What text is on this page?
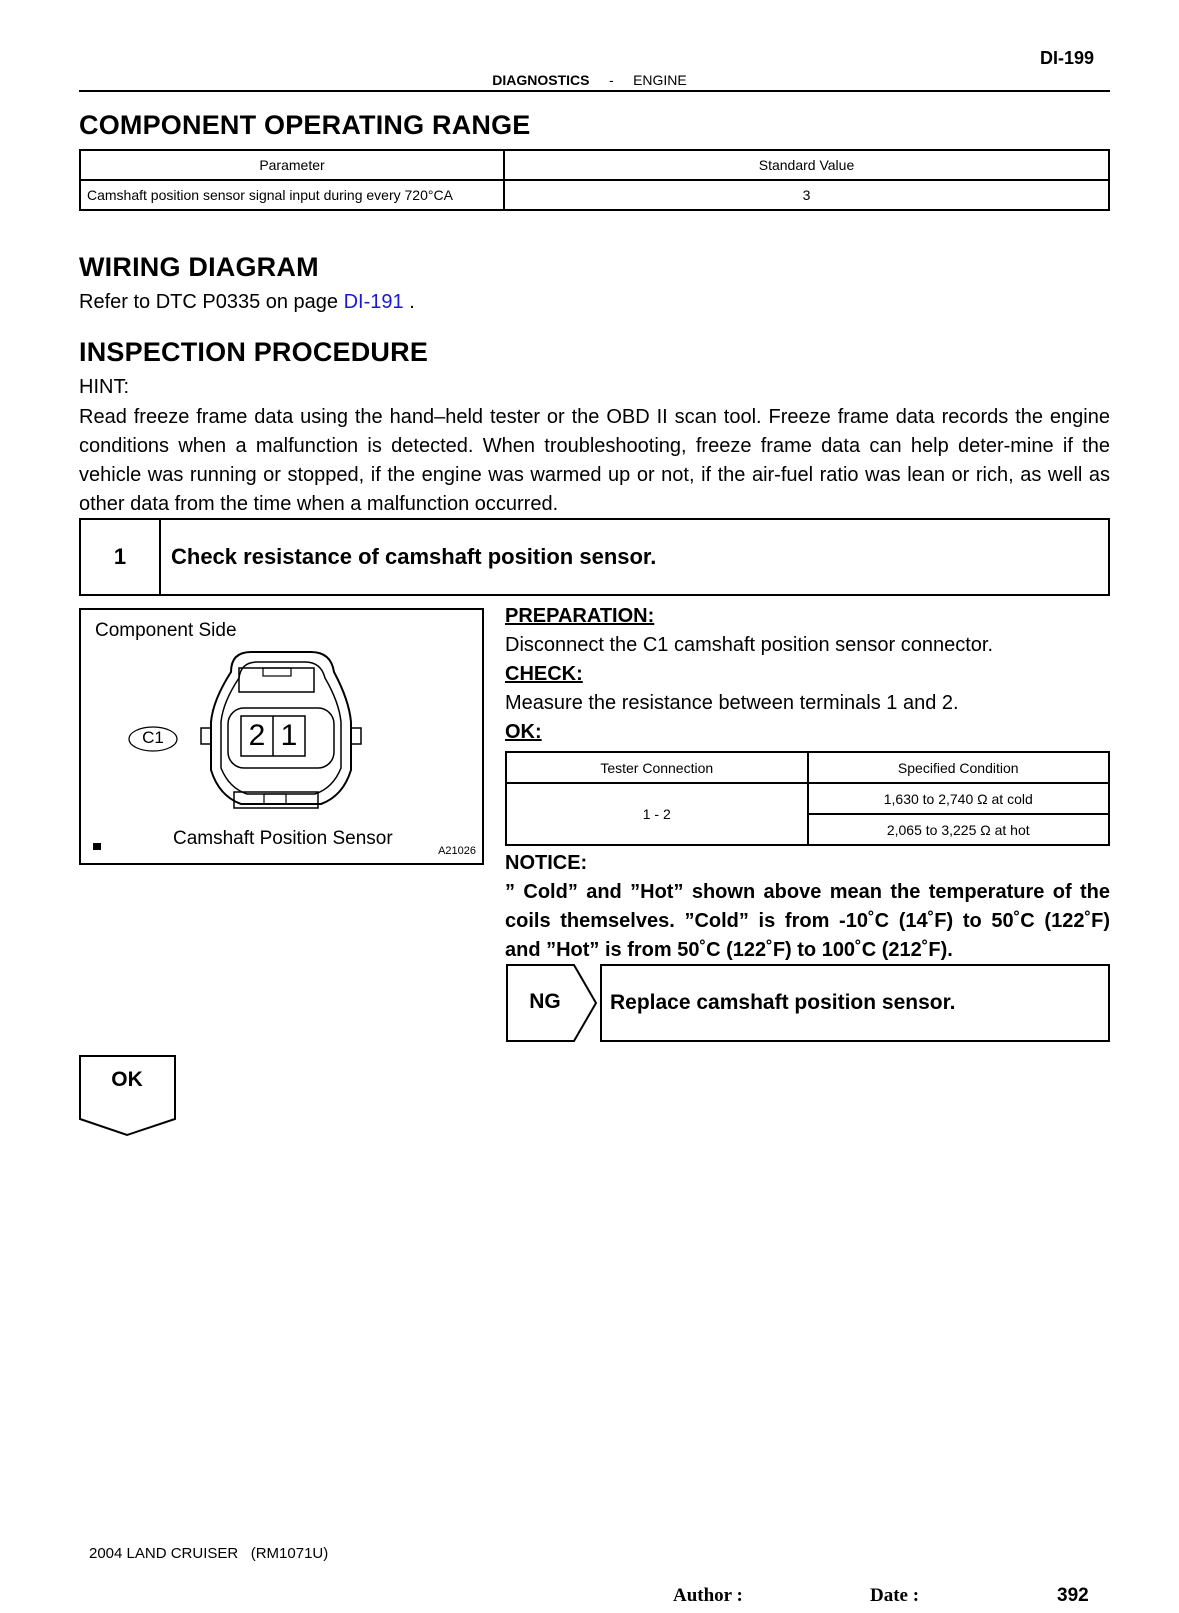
DI-199
DIAGNOSTICS - ENGINE
COMPONENT OPERATING RANGE
Parameter	Standard Value
Camshaft position sensor signal input during every 720°CA	3
WIRING DIAGRAM
Refer to DTC P0335 on page DI-191 .
INSPECTION PROCEDURE
HINT:
Read freeze frame data using the hand–held tester or the OBD II scan tool. Freeze frame data records the engine conditions when a malfunction is detected. When troubleshooting, freeze frame data can help deter-mine if the vehicle was running or stopped, if the engine was warmed up or not, if the air-fuel ratio was lean or rich, as well as other data from the time when a malfunction occurred.
1	Check resistance of camshaft position sensor.
Component Side
C1	2 1
Camshaft Position Sensor
A21026
PREPARATION:
Disconnect the C1 camshaft position sensor connector.
CHECK:
Measure the resistance between terminals 1 and 2.
OK:
Tester Connection	Specified Condition
1 - 2	1,630 to 2,740 Ω at cold
	2,065 to 3,225 Ω at hot
NOTICE:
” Cold” and ”Hot” shown above mean the temperature of the coils themselves. ”Cold” is from -10˚C (14˚F) to 50˚C (122˚F) and ”Hot” is from 50˚C (122˚F) to 100˚C (212˚F).
NG	Replace camshaft position sensor.
OK
2004 LAND CRUISER   (RM1071U)
Author :	Date :	392
